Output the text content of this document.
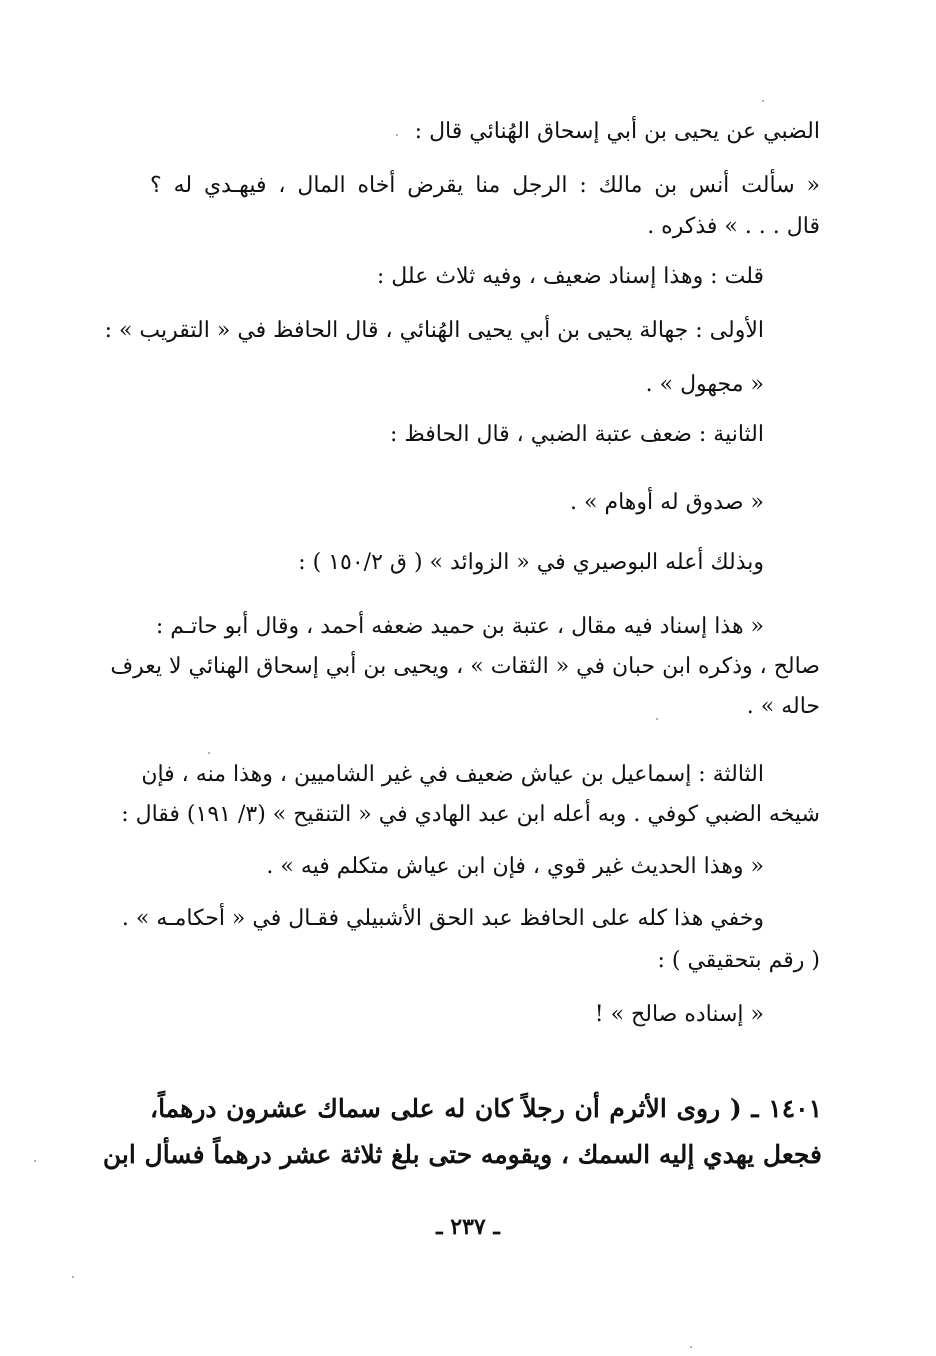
الضبي عن يحيى بن أبي إسحاق الهُنائي قال :
« سألت أنس بن مالك : الرجل منا يقرض أخاه المال ، فيهـدي له ؟
قال . . . » فذكره .
قلت : وهذا إسناد ضعيف ، وفيه ثلاث علل :
الأولى : جهالة يحيى بن أبي يحيى الهُنائي ، قال الحافظ في « التقريب » :
« مجهول » .
الثانية : ضعف عتبة الضبي ، قال الحافظ :
« صدوق له أوهام » .
وبذلك أعله البوصيري في « الزوائد » ( ق ١٥٠/٢ ) :
« هذا إسناد فيه مقال ، عتبة بن حميد ضعفه أحمد ، وقال أبو حاتـم :
صالح ، وذكره ابن حبان في « الثقات » ، ويحيى بن أبي إسحاق الهنائي لا يعرف
حاله » .
الثالثة : إسماعيل بن عياش ضعيف في غير الشاميين ، وهذا منه ، فإن
شيخه الضبي كوفي . وبه أعله ابن عبد الهادي في « التنقيح » (٣/ ١٩١) فقال :
« وهذا الحديث غير قوي ، فإن ابن عياش متكلم فيه » .
وخفي هذا كله على الحافظ عبد الحق الأشبيلي فقـال في « أحكامـه » .
( رقم بتحقيقي ) :
« إسناده صالح » !
١٤٠١ ـ ( روى الأثرم أن رجلاً كان له على سماك عشرون درهماً،
فجعل يهدي إليه السمك ، ويقومه حتى بلغ ثلاثة عشر درهماً فسأل ابن
ـ ٢٣٧ ـ
